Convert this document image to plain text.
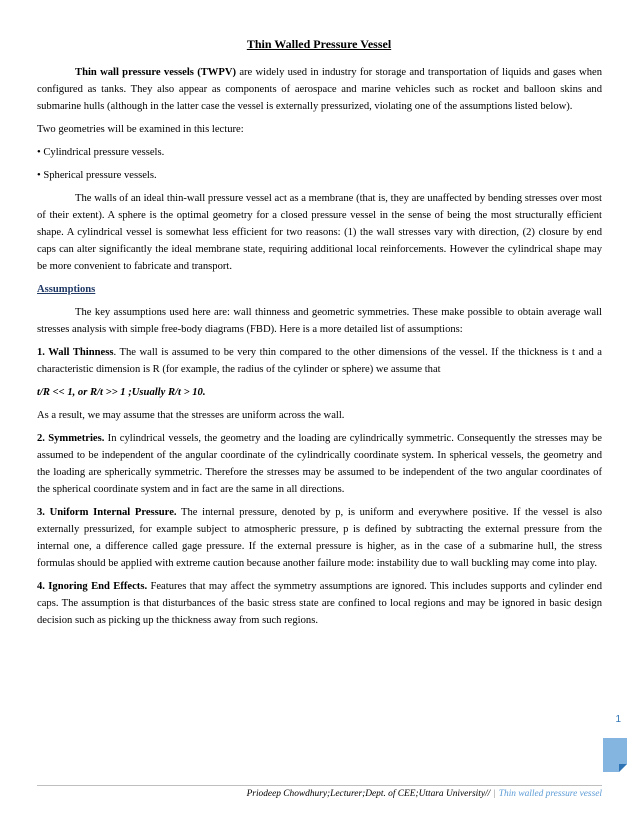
Thin Walled Pressure Vessel

Thin wall pressure vessels (TWPV) are widely used in industry for storage and transportation of liquids and gases when configured as tanks. They also appear as components of aerospace and marine vehicles such as rocket and balloon skins and submarine hulls (although in the latter case the vessel is externally pressurized, violating one of the assumptions listed below).

Two geometries will be examined in this lecture:

• Cylindrical pressure vessels.

• Spherical pressure vessels.

The walls of an ideal thin-wall pressure vessel act as a membrane (that is, they are unaffected by bending stresses over most of their extent). A sphere is the optimal geometry for a closed pressure vessel in the sense of being the most structurally efficient shape. A cylindrical vessel is somewhat less efficient for two reasons: (1) the wall stresses vary with direction, (2) closure by end caps can alter significantly the ideal membrane state, requiring additional local reinforcements. However the cylindrical shape may be more convenient to fabricate and transport.

Assumptions

The key assumptions used here are: wall thinness and geometric symmetries. These make possible to obtain average wall stresses analysis with simple free-body diagrams (FBD). Here is a more detailed list of assumptions:

1. Wall Thinness. The wall is assumed to be very thin compared to the other dimensions of the vessel. If the thickness is t and a characteristic dimension is R (for example, the radius of the cylinder or sphere) we assume that

t/R << 1, or R/t >> 1 ;Usually R/t > 10.

As a result, we may assume that the stresses are uniform across the wall.

2. Symmetries. In cylindrical vessels, the geometry and the loading are cylindrically symmetric. Consequently the stresses may be assumed to be independent of the angular coordinate of the cylindrically coordinate system. In spherical vessels, the geometry and the loading are spherically symmetric. Therefore the stresses may be assumed to be independent of the two angular coordinates of the spherical coordinate system and in fact are the same in all directions.

3. Uniform Internal Pressure. The internal pressure, denoted by p, is uniform and everywhere positive. If the vessel is also externally pressurized, for example subject to atmospheric pressure, p is defined by subtracting the external pressure from the internal one, a difference called gage pressure. If the external pressure is higher, as in the case of a submarine hull, the stress formulas should be applied with extreme caution because another failure mode: instability due to wall buckling may come into play.

4. Ignoring End Effects. Features that may affect the symmetry assumptions are ignored. This includes supports and cylinder end caps. The assumption is that disturbances of the basic stress state are confined to local regions and may be ignored in basic design decision such as picking up the thickness away from such regions.

1
Priodeep Chowdhury;Lecturer;Dept. of CEE;Uttara University// | Thin walled pressure vessel
